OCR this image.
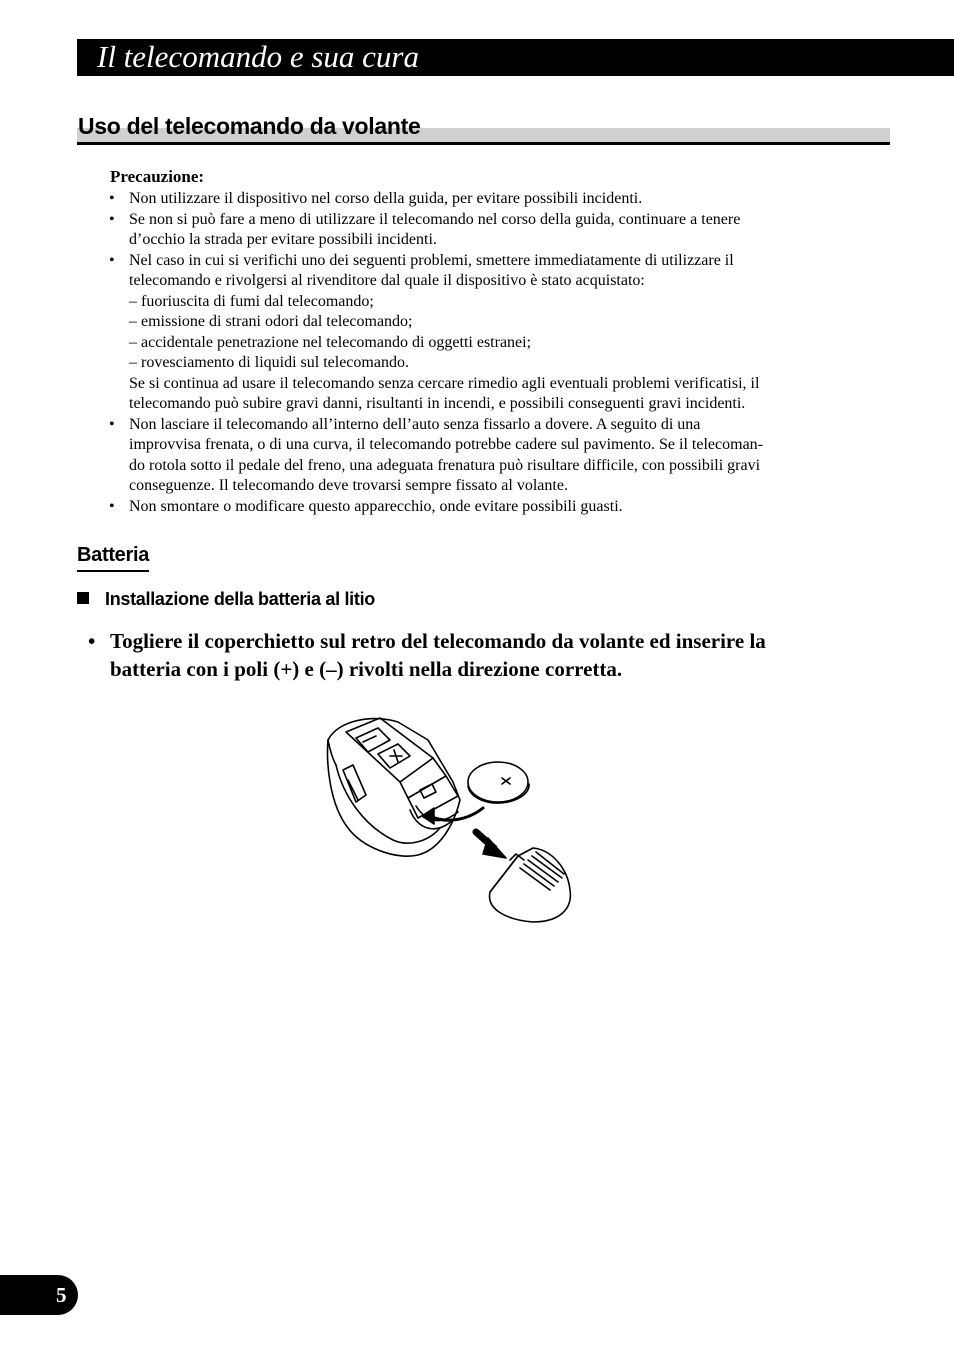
Il telecomando e sua cura
Uso del telecomando da volante
Precauzione:
• Non utilizzare il dispositivo nel corso della guida, per evitare possibili incidenti.
• Se non si può fare a meno di utilizzare il telecomando nel corso della guida, continuare a tenere
d’occhio la strada per evitare possibili incidenti.
• Nel caso in cui si verifichi uno dei seguenti problemi, smettere immediatamente di utilizzare il
telecomando e rivolgersi al rivenditore dal quale il dispositivo è stato acquistato:
– fuoriuscita di fumi dal telecomando;
– emissione di strani odori dal telecomando;
– accidentale penetrazione nel telecomando di oggetti estranei;
– rovesciamento di liquidi sul telecomando.
Se si continua ad usare il telecomando senza cercare rimedio agli eventuali problemi verificatisi, il
telecomando può subire gravi danni, risultanti in incendi, e possibili conseguenti gravi incidenti.
• Non lasciare il telecomando all’interno dell’auto senza fissarlo a dovere. A seguito di una
improvvisa frenata, o di una curva, il telecomando potrebbe cadere sul pavimento. Se il telecoman-
do rotola sotto il pedale del freno, una adeguata frenatura può risultare difficile, con possibili gravi
conseguenze. Il telecomando deve trovarsi sempre fissato al volante.
• Non smontare o modificare questo apparecchio, onde evitare possibili guasti.
Batteria
Installazione della batteria al litio
• Togliere il coperchietto sul retro del telecomando da volante ed inserire la
batteria con i poli (+) e (–) rivolti nella direzione corretta.
5
